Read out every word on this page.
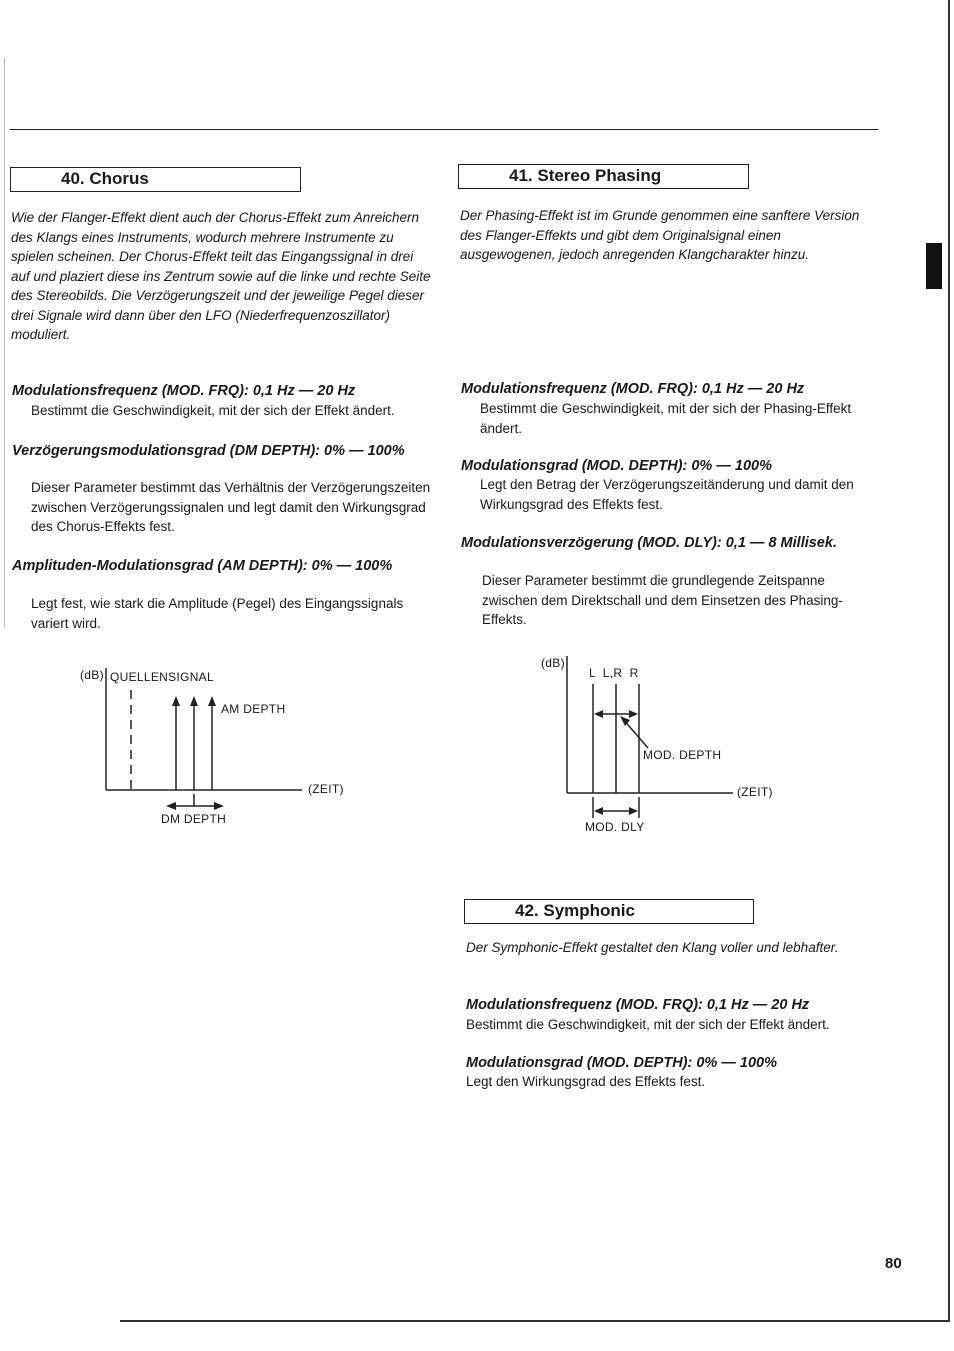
40. Chorus
Wie der Flanger-Effekt dient auch der Chorus-Effekt zum Anreichern des Klangs eines Instruments, wodurch mehrere Instrumente zu spielen scheinen. Der Chorus-Effekt teilt das Eingangssignal in drei auf und plaziert diese ins Zentrum sowie auf die linke und rechte Seite des Stereobilds. Die Verzögerungszeit und der jeweilige Pegel dieser drei Signale wird dann über den LFO (Niederfrequenzoszillator) moduliert.
Modulationsfrequenz (MOD. FRQ): 0,1 Hz — 20 Hz
Bestimmt die Geschwindigkeit, mit der sich der Effekt ändert.
Verzögerungsmodulationsgrad (DM DEPTH): 0% — 100%
Dieser Parameter bestimmt das Verhältnis der Verzögerungszeiten zwischen Verzögerungssignalen und legt damit den Wirkungsgrad des Chorus-Effekts fest.
Amplituden-Modulationsgrad (AM DEPTH): 0% — 100%
Legt fest, wie stark die Amplitude (Pegel) des Eingangssignals variert wird.
(dB) QUELLENSIGNAL
AM DEPTH
(ZEIT)
DM DEPTH
41. Stereo Phasing
Der Phasing-Effekt ist im Grunde genommen eine sanftere Version des Flanger-Effekts und gibt dem Originalsignal einen ausgewogenen, jedoch anregenden Klangcharakter hinzu.
Modulationsfrequenz (MOD. FRQ): 0,1 Hz — 20 Hz
Bestimmt die Geschwindigkeit, mit der sich der Phasing-Effekt ändert.
Modulationsgrad (MOD. DEPTH): 0% — 100%
Legt den Betrag der Verzögerungszeitänderung und damit den Wirkungsgrad des Effekts fest.
Modulationsverzögerung (MOD. DLY): 0,1 — 8 Millisek.
Dieser Parameter bestimmt die grundlegende Zeitspanne zwischen dem Direktschall und dem Einsetzen des Phasing-Effekts.
(dB)
L  L,R  R
MOD. DEPTH
(ZEIT)
MOD. DLY
42. Symphonic
Der Symphonic-Effekt gestaltet den Klang voller und lebhafter.
Modulationsfrequenz (MOD. FRQ): 0,1 Hz — 20 Hz
Bestimmt die Geschwindigkeit, mit der sich der Effekt ändert.
Modulationsgrad (MOD. DEPTH): 0% — 100%
Legt den Wirkungsgrad des Effekts fest.
80
